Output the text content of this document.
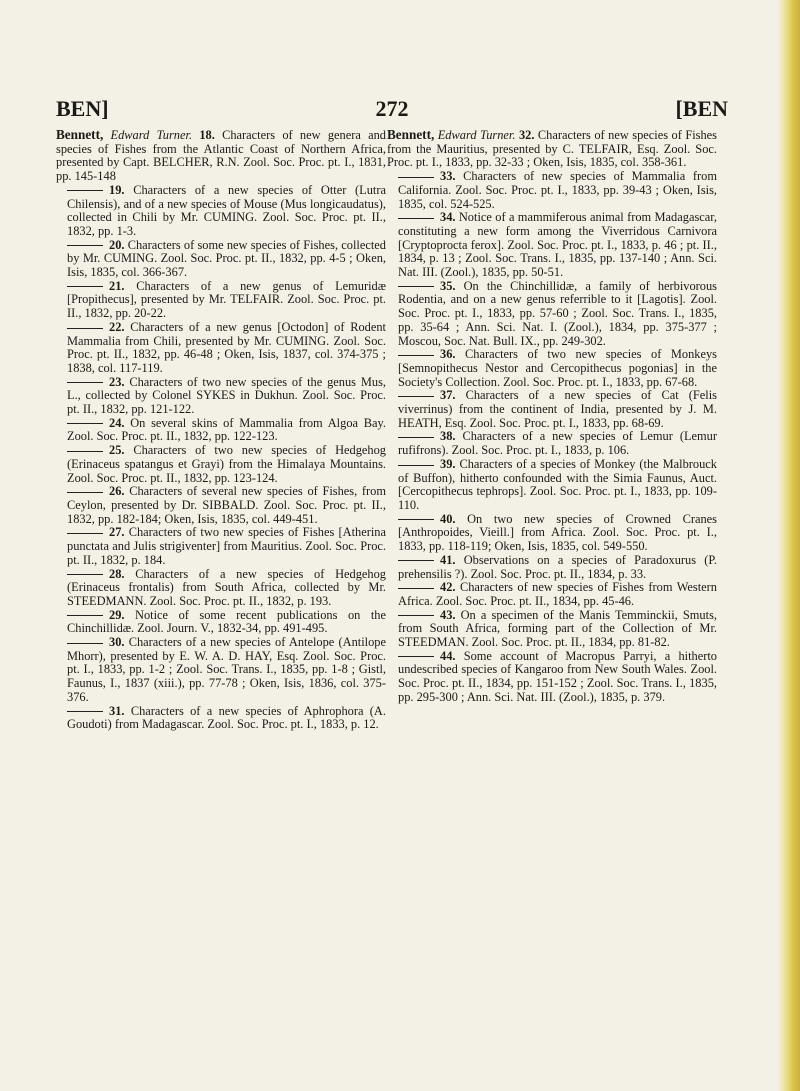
BEN]	272	[BEN

Bennett, Edward Turner. 18. Characters of new genera and species of Fishes from the Atlantic Coast of Northern Africa, presented by Capt. BELCHER, R.N. Zool. Soc. Proc. pt. I., 1831, pp. 145-148

19. Characters of a new species of Otter (Lutra Chilensis), and of a new species of Mouse (Mus longicaudatus), collected in Chili by Mr. CUMING. Zool. Soc. Proc. pt. II., 1832, pp. 1-3.

20. Characters of some new species of Fishes, collected by Mr. CUMING. Zool. Soc. Proc. pt. II., 1832, pp. 4-5 ; Oken, Isis, 1835, col. 366-367.

21. Characters of a new genus of Lemuridæ [Propithecus], presented by Mr. TELFAIR. Zool. Soc. Proc. pt. II., 1832, pp. 20-22.

22. Characters of a new genus [Octodon] of Rodent Mammalia from Chili, presented by Mr. CUMING. Zool. Soc. Proc. pt. II., 1832, pp. 46-48 ; Oken, Isis, 1837, col. 374-375 ; 1838, col. 117-119.

23. Characters of two new species of the genus Mus, L., collected by Colonel SYKES in Dukhun. Zool. Soc. Proc. pt. II., 1832, pp. 121-122.

24. On several skins of Mammalia from Algoa Bay. Zool. Soc. Proc. pt. II., 1832, pp. 122-123.

25. Characters of two new species of Hedgehog (Erinaceus spatangus et Grayi) from the Himalaya Mountains. Zool. Soc. Proc. pt. II., 1832, pp. 123-124.

26. Characters of several new species of Fishes, from Ceylon, presented by Dr. SIBBALD. Zool. Soc. Proc. pt. II., 1832, pp. 182-184; Oken, Isis, 1835, col. 449-451.

27. Characters of two new species of Fishes [Atherina punctata and Julis strigiventer] from Mauritius. Zool. Soc. Proc. pt. II., 1832, p. 184.

28. Characters of a new species of Hedgehog (Erinaceus frontalis) from South Africa, collected by Mr. STEEDMANN. Zool. Soc. Proc. pt. II., 1832, p. 193.

29. Notice of some recent publications on the Chinchillidæ. Zool. Journ. V., 1832-34, pp. 491-495.

30. Characters of a new species of Antelope (Antilope Mhorr), presented by E. W. A. D. HAY, Esq. Zool. Soc. Proc. pt. I., 1833, pp. 1-2 ; Zool. Soc. Trans. I., 1835, pp. 1-8 ; Gistl, Faunus, I., 1837 (xiii.), pp. 77-78 ; Oken, Isis, 1836, col. 375-376.

31. Characters of a new species of Aphrophora (A. Goudoti) from Madagascar. Zool. Soc. Proc. pt. I., 1833, p. 12.

Bennett, Edward Turner. 32. Characters of new species of Fishes from the Mauritius, presented by C. TELFAIR, Esq. Zool. Soc. Proc. pt. I., 1833, pp. 32-33 ; Oken, Isis, 1835, col. 358-361.

33. Characters of new species of Mammalia from California. Zool. Soc. Proc. pt. I., 1833, pp. 39-43 ; Oken, Isis, 1835, col. 524-525.

34. Notice of a mammiferous animal from Madagascar, constituting a new form among the Viverridous Carnivora [Cryptoprocta ferox]. Zool. Soc. Proc. pt. I., 1833, p. 46 ; pt. II., 1834, p. 13 ; Zool. Soc. Trans. I., 1835, pp. 137-140 ; Ann. Sci. Nat. III. (Zool.), 1835, pp. 50-51.

35. On the Chinchillidæ, a family of herbivorous Rodentia, and on a new genus referrible to it [Lagotis]. Zool. Soc. Proc. pt. I., 1833, pp. 57-60 ; Zool. Soc. Trans. I., 1835, pp. 35-64 ; Ann. Sci. Nat. I. (Zool.), 1834, pp. 375-377 ; Moscou, Soc. Nat. Bull. IX., pp. 249-302.

36. Characters of two new species of Monkeys [Semnopithecus Nestor and Cercopithecus pogonias] in the Society's Collection. Zool. Soc. Proc. pt. I., 1833, pp. 67-68.

37. Characters of a new species of Cat (Felis viverrinus) from the continent of India, presented by J. M. HEATH, Esq. Zool. Soc. Proc. pt. I., 1833, pp. 68-69.

38. Characters of a new species of Lemur (Lemur rufifrons). Zool. Soc. Proc. pt. I., 1833, p. 106.

39. Characters of a species of Monkey (the Malbrouck of Buffon), hitherto confounded with the Simia Faunus, Auct. [Cercopithecus tephrops]. Zool. Soc. Proc. pt. I., 1833, pp. 109-110.

40. On two new species of Crowned Cranes [Anthropoides, Vieill.] from Africa. Zool. Soc. Proc. pt. I., 1833, pp. 118-119; Oken, Isis, 1835, col. 549-550.

41. Observations on a species of Paradoxurus (P. prehensilis ?). Zool. Soc. Proc. pt. II., 1834, p. 33.

42. Characters of new species of Fishes from Western Africa. Zool. Soc. Proc. pt. II., 1834, pp. 45-46.

43. On a specimen of the Manis Temminckii, Smuts, from South Africa, forming part of the Collection of Mr. STEEDMAN. Zool. Soc. Proc. pt. II., 1834, pp. 81-82.

44. Some account of Macropus Parryi, a hitherto undescribed species of Kangaroo from New South Wales. Zool. Soc. Proc. pt. II., 1834, pp. 151-152 ; Zool. Soc. Trans. I., 1835, pp. 295-300 ; Ann. Sci. Nat. III. (Zool.), 1835, p. 379.
